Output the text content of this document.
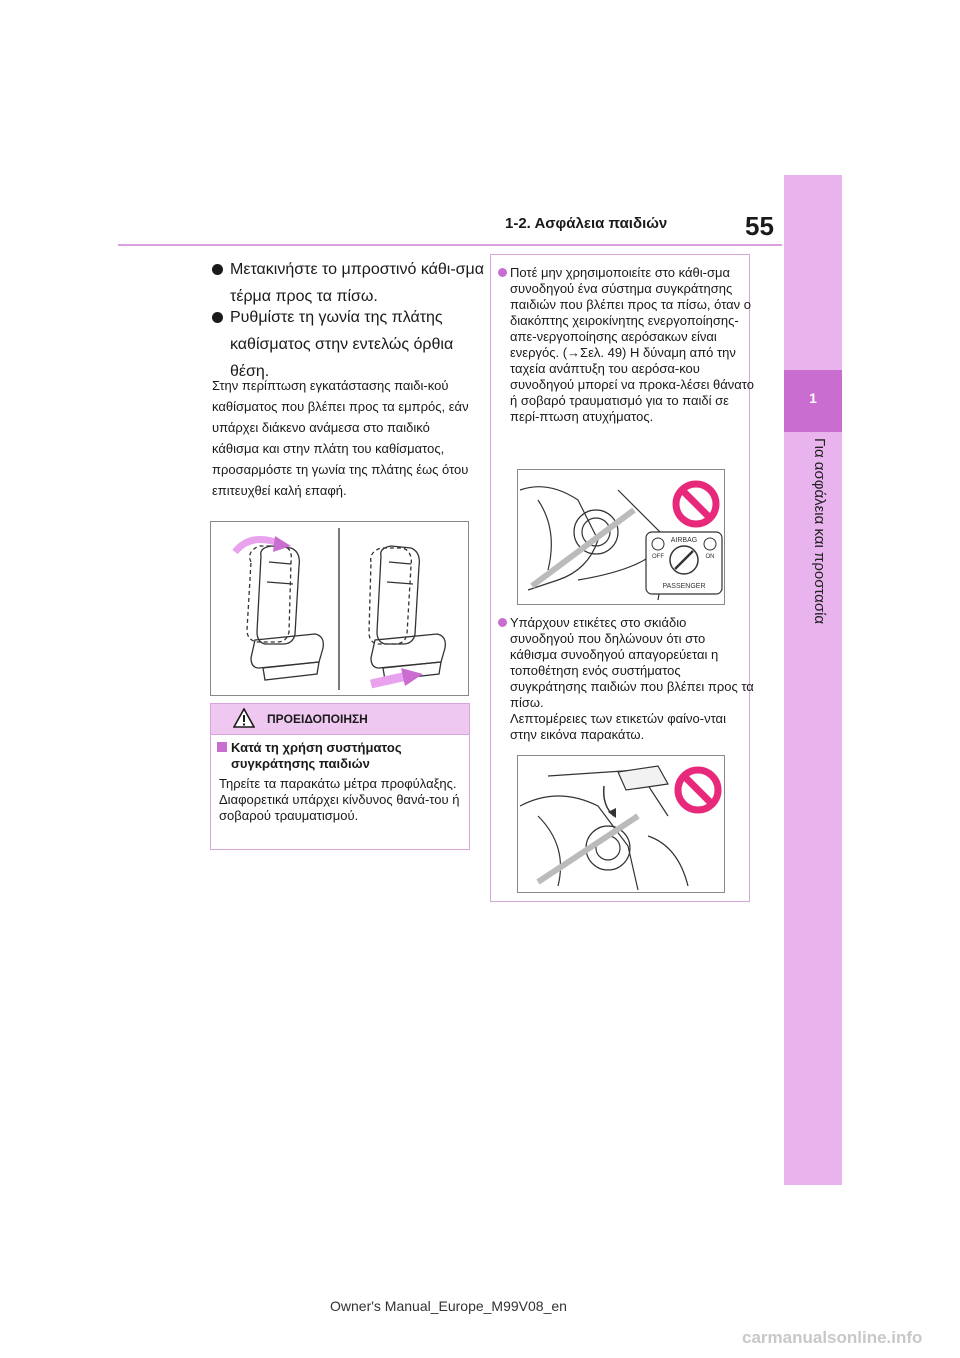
1-2. Ασφάλεια παιδιών	55
1
Για ασφάλεια και προστασία
Μετακινήστε το μπροστινό κάθι-σμα τέρμα προς τα πίσω.
Ρυθμίστε τη γωνία της πλάτης καθίσματος στην εντελώς όρθια θέση.
Στην περίπτωση εγκατάστασης παιδι-κού καθίσματος που βλέπει προς τα εμπρός, εάν υπάρχει διάκενο ανάμεσα στο παιδικό κάθισμα και στην πλάτη του καθίσματος, προσαρμόστε τη γωνία της πλάτης έως ότου επιτευχθεί καλή επαφή.
ΠΡΟΕΙΔΟΠΟΙΗΣΗ
Κατά τη χρήση συστήματος συγκράτησης παιδιών
Τηρείτε τα παρακάτω μέτρα προφύλαξης.
Διαφορετικά υπάρχει κίνδυνος θανά-του ή σοβαρού τραυματισμού.
Ποτέ μην χρησιμοποιείτε στο κάθι-σμα συνοδηγού ένα σύστημα συγκράτησης παιδιών που βλέπει προς τα πίσω, όταν ο διακόπτης χειροκίνητης ενεργοποίησης-απε-νεργοποίησης αερόσακων είναι ενεργός. (→Σελ. 49) Η δύναμη από την ταχεία ανάπτυξη του αερόσα-κου συνοδηγού μπορεί να προκα-λέσει θάνατο ή σοβαρό τραυματισμό για το παιδί σε περί-πτωση ατυχήματος.
AIRBAG
OFF	ON
PASSENGER
Υπάρχουν ετικέτες στο σκιάδιο συνοδηγού που δηλώνουν ότι στο κάθισμα συνοδηγού απαγορεύεται η τοποθέτηση ενός συστήματος συγκράτησης παιδιών που βλέπει προς τα πίσω.
Λεπτομέρειες των ετικετών φαίνο-νται στην εικόνα παρακάτω.
Owner's Manual_Europe_M99V08_en
carmanualsonline.info
